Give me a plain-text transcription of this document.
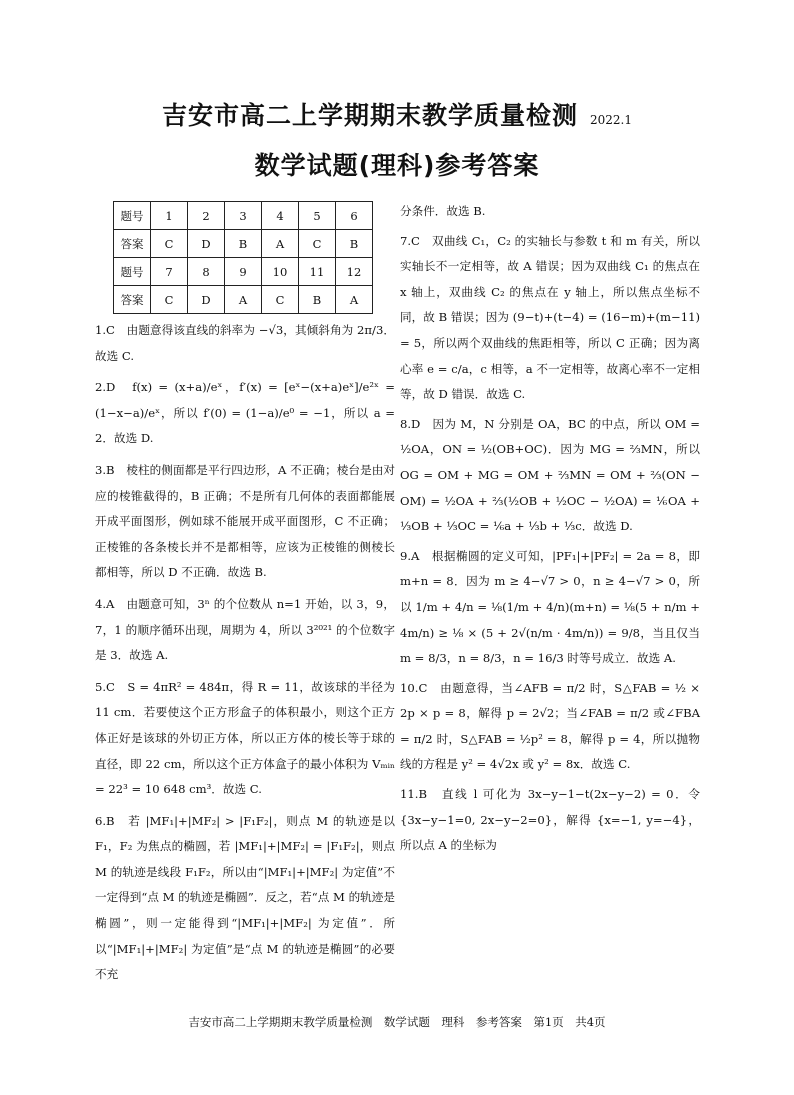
吉安市高二上学期期末教学质量检测 2022.1
数学试题(理科)参考答案
题号	1	2	3	4	5	6
答案	C	D	B	A	C	B
题号	7	8	9	10	11	12
答案	C	D	A	C	B	A

1.C　由题意得该直线的斜率为 −√3，其倾斜角为 2π/3．故选 C.

2.D　f(x) = (x+a)/eˣ，f′(x) = [eˣ−(x+a)eˣ]/e²ˣ = (1−x−a)/eˣ，所以 f′(0) = (1−a)/e⁰ = −1，所以 a = 2．故选 D.

3.B　棱柱的侧面都是平行四边形，A 不正确；棱台是由对应的棱锥截得的，B 正确；不是所有几何体的表面都能展开成平面图形，例如球不能展开成平面图形，C 不正确；正棱锥的各条棱长并不是都相等，应该为正棱锥的侧棱长都相等，所以 D 不正确．故选 B.

4.A　由题意可知，3ⁿ 的个位数从 n=1 开始，以 3，9，7，1 的顺序循环出现，周期为 4，所以 3²⁰²¹ 的个位数字是 3．故选 A.

5.C　S = 4πR² = 484π，得 R = 11，故该球的半径为 11 cm．若要使这个正方形盒子的体积最小，则这个正方体正好是该球的外切正方体，所以正方体的棱长等于球的直径，即 22 cm，所以这个正方体盒子的最小体积为 Vₘᵢₙ = 22³ = 10 648 cm³．故选 C.

6.B　若 |MF₁|+|MF₂| > |F₁F₂|，则点 M 的轨迹是以 F₁，F₂ 为焦点的椭圆，若 |MF₁|+|MF₂| = |F₁F₂|，则点 M 的轨迹是线段 F₁F₂，所以由“|MF₁|+|MF₂| 为定值”不一定得到“点 M 的轨迹是椭圆”．反之，若“点 M 的轨迹是椭圆”，则一定能得到“|MF₁|+|MF₂| 为定值”．所以“|MF₁|+|MF₂| 为定值”是“点 M 的轨迹是椭圆”的必要不充

分条件．故选 B.

7.C　双曲线 C₁，C₂ 的实轴长与参数 t 和 m 有关，所以实轴长不一定相等，故 A 错误；因为双曲线 C₁ 的焦点在 x 轴上，双曲线 C₂ 的焦点在 y 轴上，所以焦点坐标不同，故 B 错误；因为 (9−t)+(t−4) = (16−m)+(m−11) = 5，所以两个双曲线的焦距相等，所以 C 正确；因为离心率 e = c/a，c 相等，a 不一定相等，故离心率不一定相等，故 D 错误．故选 C.

8.D　因为 M，N 分别是 OA，BC 的中点，所以 OM = ½OA，ON = ½(OB+OC)．因为 MG = ⅔MN，所以 OG = OM + MG = OM + ⅔MN = OM + ⅔(ON − OM) = ½OA + ⅔(½OB + ½OC − ½OA) = ⅙OA + ⅓OB + ⅓OC = ⅙a + ⅓b + ⅓c．故选 D.

9.A　根据椭圆的定义可知，|PF₁|+|PF₂| = 2a = 8，即 m+n = 8．因为 m ≥ 4−√7 > 0，n ≥ 4−√7 > 0，所以 1/m + 4/n = ⅛(1/m + 4/n)(m+n) = ⅛(5 + n/m + 4m/n) ≥ ⅛ × (5 + 2√(n/m · 4m/n)) = 9/8，当且仅当 m = 8/3，n = 8/3，n = 16/3 时等号成立．故选 A.

10.C　由题意得，当∠AFB = π/2 时，S△FAB = ½ × 2p × p = 8，解得 p = 2√2；当∠FAB = π/2 或∠FBA = π/2 时，S△FAB = ½p² = 8，解得 p = 4，所以抛物线的方程是 y² = 4√2x 或 y² = 8x．故选 C.

11.B　直线 l 可化为 3x−y−1−t(2x−y−2) = 0．令 {3x−y−1=0, 2x−y−2=0}，解得 {x=−1, y=−4}，所以点 A 的坐标为

吉安市高二上学期期末教学质量检测　数学试题　理科　参考答案　第1页　共4页
